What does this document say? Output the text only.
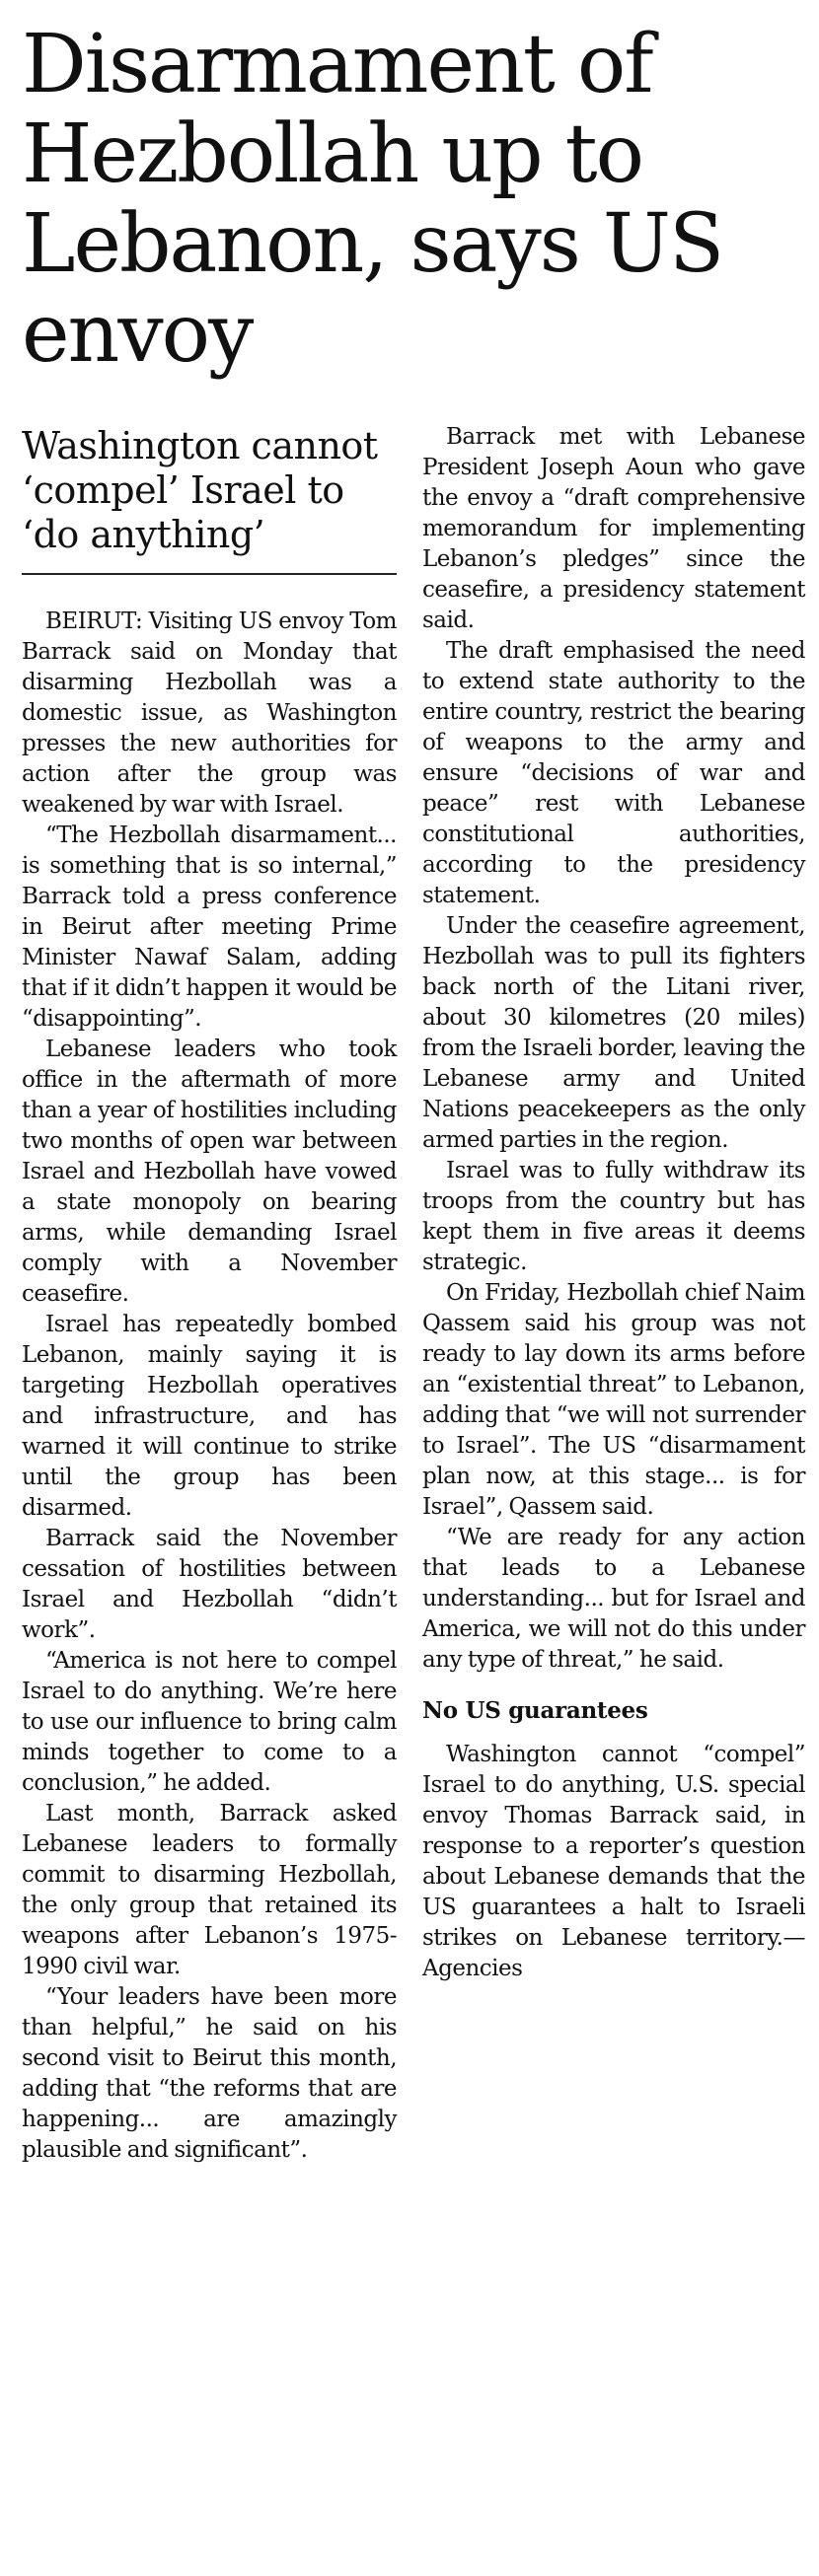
Disarmament of Hezbollah up to Lebanon, says US envoy
Washington cannot ‘compel’ Israel to ‘do anything’

BEIRUT: Visiting US envoy Tom Barrack said on Monday that disarming Hezbollah was a domestic issue, as Washington presses the new authorities for action after the group was weakened by war with Israel.

“The Hezbollah disarmament... is something that is so internal,” Barrack told a press conference in Beirut after meeting Prime Minister Nawaf Salam, adding that if it didn’t happen it would be “disappointing”.

Lebanese leaders who took office in the aftermath of more than a year of hostilities including two months of open war between Israel and Hezbollah have vowed a state monopoly on bearing arms, while demanding Israel comply with a November ceasefire.

Israel has repeatedly bombed Lebanon, mainly saying it is targeting Hezbollah operatives and infrastructure, and has warned it will continue to strike until the group has been disarmed.

Barrack said the November cessation of hostilities between Israel and Hezbollah “didn’t work”.

“America is not here to compel Israel to do anything. We’re here to use our influence to bring calm minds together to come to a conclusion,” he added.

Last month, Barrack asked Lebanese leaders to formally commit to disarming Hezbollah, the only group that retained its weapons after Lebanon’s 1975-1990 civil war.

“Your leaders have been more than helpful,” he said on his second visit to Beirut this month, adding that “the reforms that are happening... are amazingly plausible and significant”.

Barrack met with Lebanese President Joseph Aoun who gave the envoy a “draft comprehensive memorandum for implementing Lebanon’s pledges” since the ceasefire, a presidency statement said.

The draft emphasised the need to extend state authority to the entire country, restrict the bearing of weapons to the army and ensure “decisions of war and peace” rest with Lebanese constitutional authorities, according to the presidency statement.

Under the ceasefire agreement, Hezbollah was to pull its fighters back north of the Litani river, about 30 kilometres (20 miles) from the Israeli border, leaving the Lebanese army and United Nations peacekeepers as the only armed parties in the region.

Israel was to fully withdraw its troops from the country but has kept them in five areas it deems strategic.

On Friday, Hezbollah chief Naim Qassem said his group was not ready to lay down its arms before an “existential threat” to Lebanon, adding that “we will not surrender to Israel”. The US “disarmament plan now, at this stage... is for Israel”, Qassem said.

“We are ready for any action that leads to a Lebanese understanding... but for Israel and America, we will not do this under any type of threat,” he said.

No US guarantees

Washington cannot “compel” Israel to do anything, U.S. special envoy Thomas Barrack said, in response to a reporter’s question about Lebanese demands that the US guarantees a halt to Israeli strikes on Lebanese territory.—Agencies
